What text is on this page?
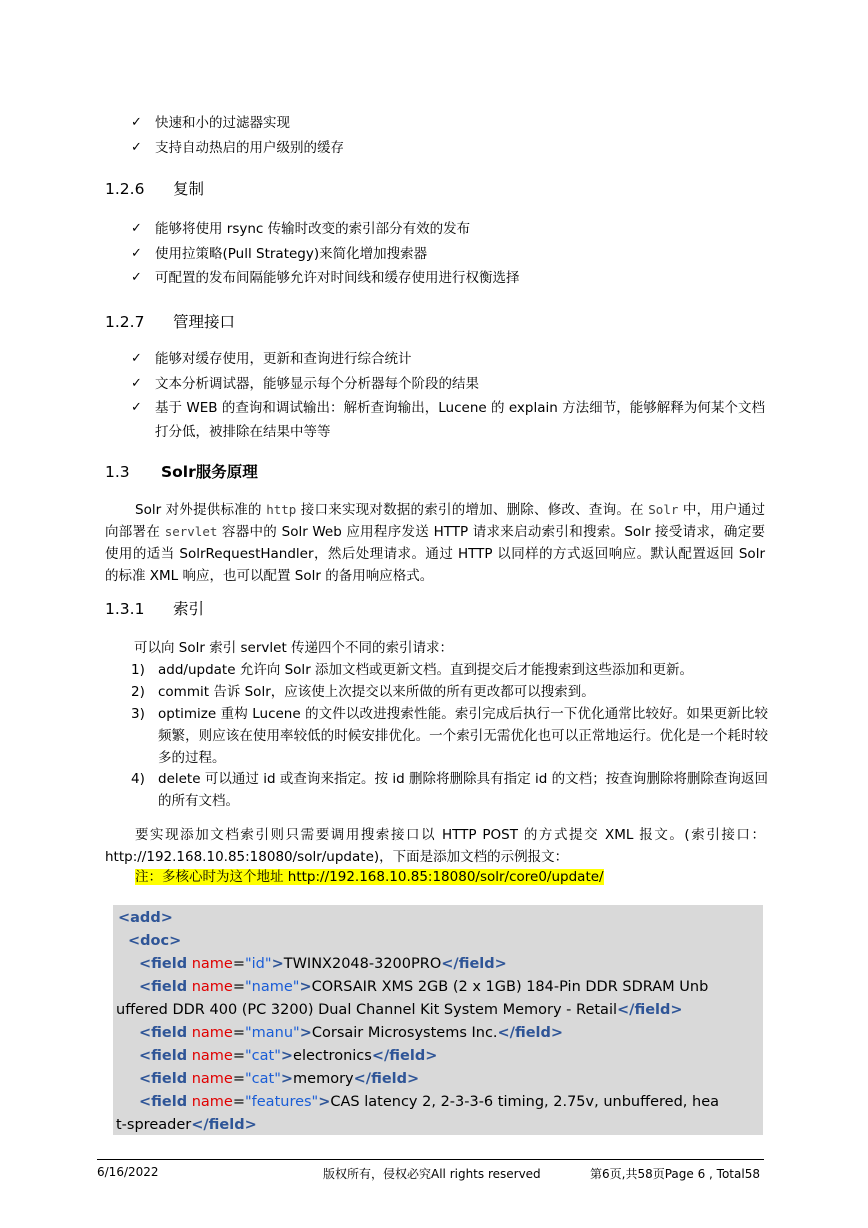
✓ 快速和小的过滤器实现
✓ 支持自动热启的用户级别的缓存
1.2.6 复制
✓ 能够将使用 rsync 传输时改变的索引部分有效的发布
✓ 使用拉策略(Pull Strategy)来简化增加搜索器
✓ 可配置的发布间隔能够允许对时间线和缓存使用进行权衡选择
1.2.7 管理接口
✓ 能够对缓存使用，更新和查询进行综合统计
✓ 文本分析调试器，能够显示每个分析器每个阶段的结果
✓ 基于 WEB 的查询和调试输出：解析查询输出，Lucene 的 explain 方法细节，能够解释为何某个文档打分低，被排除在结果中等等
1.3 Solr服务原理
Solr 对外提供标准的 http 接口来实现对数据的索引的增加、删除、修改、查询。在 Solr 中，用户通过向部署在 servlet 容器中的 Solr Web 应用程序发送 HTTP 请求来启动索引和搜索。Solr 接受请求，确定要使用的适当 SolrRequestHandler，然后处理请求。通过 HTTP 以同样的方式返回响应。默认配置返回 Solr 的标准 XML 响应，也可以配置 Solr 的备用响应格式。
1.3.1 索引
可以向 Solr 索引 servlet 传递四个不同的索引请求：
1) add/update 允许向 Solr 添加文档或更新文档。直到提交后才能搜索到这些添加和更新。
2) commit 告诉 Solr，应该使上次提交以来所做的所有更改都可以搜索到。
3) optimize 重构 Lucene 的文件以改进搜索性能。索引完成后执行一下优化通常比较好。如果更新比较频繁，则应该在使用率较低的时候安排优化。一个索引无需优化也可以正常地运行。优化是一个耗时较多的过程。
4) delete 可以通过 id 或查询来指定。按 id 删除将删除具有指定 id 的文档；按查询删除将删除查询返回的所有文档。
要实现添加文档索引则只需要调用搜索接口以 HTTP POST 的方式提交 XML 报文。(索引接口：http://192.168.10.85:18080/solr/update)，下面是添加文档的示例报文：
注：多核心时为这个地址 http://192.168.10.85:18080/solr/core0/update/
<add>
<doc>
<field name="id">TWINX2048-3200PRO</field>
<field name="name">CORSAIR XMS 2GB (2 x 1GB) 184-Pin DDR SDRAM Unb
uffered DDR 400 (PC 3200) Dual Channel Kit System Memory - Retail</field>
<field name="manu">Corsair Microsystems Inc.</field>
<field name="cat">electronics</field>
<field name="cat">memory</field>
<field name="features">CAS latency 2, 2-3-3-6 timing, 2.75v, unbuffered, hea
t-spreader</field>
6/16/2022	版权所有，侵权必究All rights reserved	第6页,共58页Page 6 , Total58
